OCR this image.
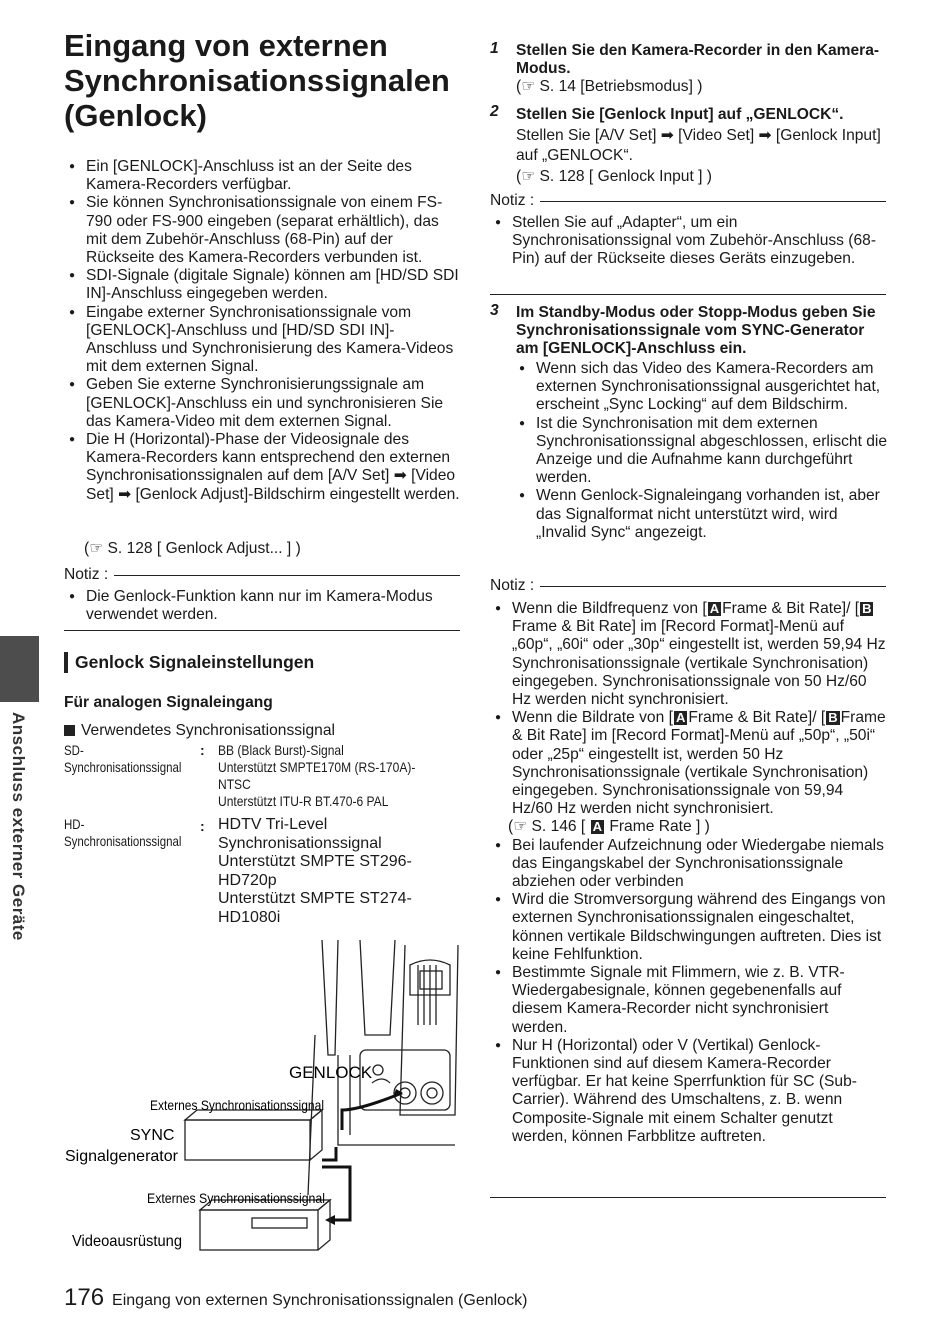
Eingang von externen
Synchronisationssignalen
(Genlock)
● Ein [GENLOCK]-Anschluss ist an der Seite des Kamera-Recorders verfügbar.
● Sie können Synchronisationssignale von einem FS-790 oder FS-900 eingeben (separat erhältlich), das mit dem Zubehör-Anschluss (68-Pin) auf der Rückseite des Kamera-Recorders verbunden ist.
● SDI-Signale (digitale Signale) können am [HD/SD SDI IN]-Anschluss eingegeben werden.
● Eingabe externer Synchronisationssignale vom [GENLOCK]-Anschluss und [HD/SD SDI IN]-Anschluss und Synchronisierung des Kamera-Videos mit dem externen Signal.
● Geben Sie externe Synchronisierungssignale am [GENLOCK]-Anschluss ein und synchronisieren Sie das Kamera-Video mit dem externen Signal.
● Die H (Horizontal)-Phase der Videosignale des Kamera-Recorders kann entsprechend den externen Synchronisationssignalen auf dem [A/V Set] ➡ [Video Set] ➡ [Genlock Adjust]-Bildschirm eingestellt werden.
(☞ S. 128 [ Genlock Adjust... ] )
Notiz :
● Die Genlock-Funktion kann nur im Kamera-Modus verwendet werden.
Genlock Signaleinstellungen
Für analogen Signaleingang
Verwendetes Synchronisationssignal
SD-
Synchronisationssignal
: BB (Black Burst)-Signal
Unterstützt SMPTE170M (RS-170A)-
NTSC
Unterstützt ITU-R BT.470-6 PAL
HD-
Synchronisationssignal
: HDTV Tri-Level
Synchronisationssignal
Unterstützt SMPTE ST296-
HD720p
Unterstützt SMPTE ST274-
HD1080i
GENLOCK
Externes Synchronisationssignal
SYNC
Signalgenerator
Externes Synchronisationssignal
Videoausrüstung
1 Stellen Sie den Kamera-Recorder in den Kamera-Modus.
(☞ S. 14 [Betriebsmodus] )
2 Stellen Sie [Genlock Input] auf „GENLOCK“.
Stellen Sie [A/V Set] ➡ [Video Set] ➡ [Genlock Input] auf „GENLOCK“.
(☞ S. 128 [ Genlock Input ] )
Notiz :
● Stellen Sie auf „Adapter“, um ein Synchronisationssignal vom Zubehör-Anschluss (68-Pin) auf der Rückseite dieses Geräts einzugeben.
3 Im Standby-Modus oder Stopp-Modus geben Sie Synchronisationssignale vom SYNC-Generator am [GENLOCK]-Anschluss ein.
● Wenn sich das Video des Kamera-Recorders am externen Synchronisationssignal ausgerichtet hat, erscheint „Sync Locking“ auf dem Bildschirm.
● Ist die Synchronisation mit dem externen Synchronisationssignal abgeschlossen, erlischt die Anzeige und die Aufnahme kann durchgeführt werden.
● Wenn Genlock-Signaleingang vorhanden ist, aber das Signalformat nicht unterstützt wird, wird „Invalid Sync“ angezeigt.
Notiz :
● Wenn die Bildfrequenz von [ A Frame & Bit Rate]/ [ BFrame & Bit Rate] im [Record Format]-Menü auf „60p“, „60i“ oder „30p“ eingestellt ist, werden 59,94 Hz Synchronisationssignale (vertikale Synchronisation) eingegeben. Synchronisationssignale von 50 Hz/60 Hz werden nicht synchronisiert.
● Wenn die Bildrate von [ A Frame & Bit Rate]/ [ B Frame & Bit Rate] im [Record Format]-Menü auf „50p“, „50i“ oder „25p“ eingestellt ist, werden 50 Hz Synchronisationssignale (vertikale Synchronisation) eingegeben. Synchronisationssignale von 59,94 Hz/60 Hz werden nicht synchronisiert.
(☞ S. 146 [ A Frame Rate ] )
● Bei laufender Aufzeichnung oder Wiedergabe niemals das Eingangskabel der Synchronisationssignale abziehen oder verbinden
● Wird die Stromversorgung während des Eingangs von externen Synchronisationssignalen eingeschaltet, können vertikale Bildschwingungen auftreten. Dies ist keine Fehlfunktion.
● Bestimmte Signale mit Flimmern, wie z. B. VTR-Wiedergabesignale, können gegebenenfalls auf diesem Kamera-Recorder nicht synchronisiert werden.
● Nur H (Horizontal) oder V (Vertikal) Genlock-Funktionen sind auf diesem Kamera-Recorder verfügbar. Er hat keine Sperrfunktion für SC (Sub-Carrier). Während des Umschaltens, z. B. wenn Composite-Signale mit einem Schalter genutzt werden, können Farbblitze auftreten.
Anschluss externer Geräte
176 Eingang von externen Synchronisationssignalen (Genlock)
